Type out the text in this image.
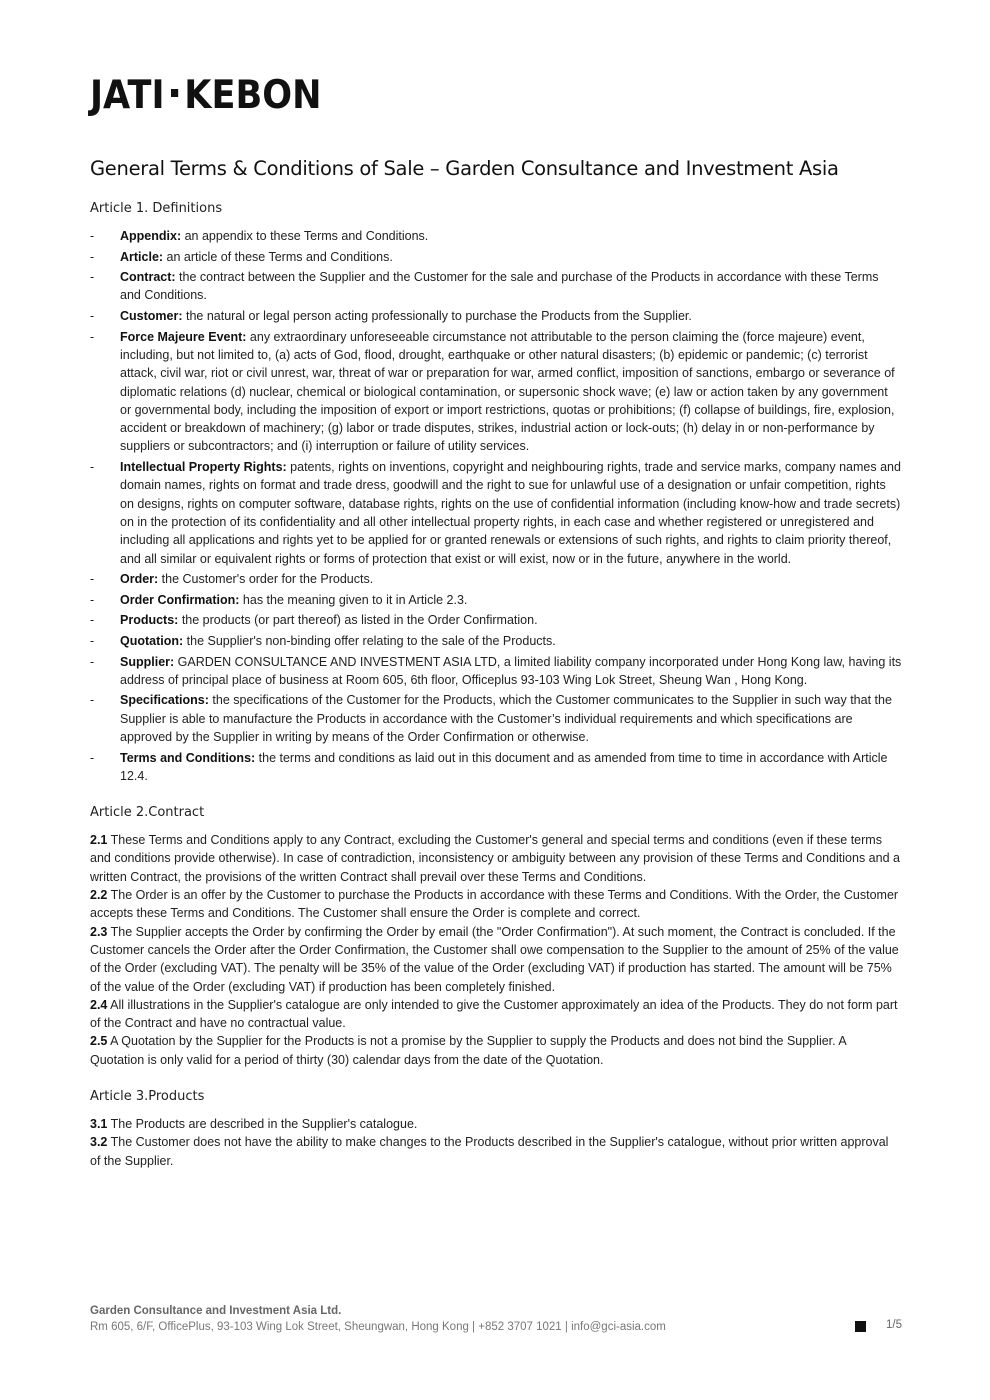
JATI KEBON
General Terms & Conditions of Sale – Garden Consultance and Investment Asia
Article 1. Definitions
- Appendix: an appendix to these Terms and Conditions.
- Article: an article of these Terms and Conditions.
- Contract: the contract between the Supplier and the Customer for the sale and purchase of the Products in accordance with these Terms and Conditions.
- Customer: the natural or legal person acting professionally to purchase the Products from the Supplier.
- Force Majeure Event: any extraordinary unforeseeable circumstance not attributable to the person claiming the (force majeure) event, including, but not limited to, (a) acts of God, flood, drought, earthquake or other natural disasters; (b) epidemic or pandemic; (c) terrorist attack, civil war, riot or civil unrest, war, threat of war or preparation for war, armed conflict, imposition of sanctions, embargo or severance of diplomatic relations (d) nuclear, chemical or biological contamination, or supersonic shock wave; (e) law or action taken by any government or governmental body, including the imposition of export or import restrictions, quotas or prohibitions; (f) collapse of buildings, fire, explosion, accident or breakdown of machinery; (g) labor or trade disputes, strikes, industrial action or lock-outs; (h) delay in or non-performance by suppliers or subcontractors; and (i) interruption or failure of utility services.
- Intellectual Property Rights: patents, rights on inventions, copyright and neighbouring rights, trade and service marks, company names and domain names, rights on format and trade dress, goodwill and the right to sue for unlawful use of a designation or unfair competition, rights on designs, rights on computer software, database rights, rights on the use of confidential information (including know-how and trade secrets) on in the protection of its confidentiality and all other intellectual property rights, in each case and whether registered or unregistered and including all applications and rights yet to be applied for or granted renewals or extensions of such rights, and rights to claim priority thereof, and all similar or equivalent rights or forms of protection that exist or will exist, now or in the future, anywhere in the world.
- Order: the Customer's order for the Products.
- Order Confirmation: has the meaning given to it in Article 2.3.
- Products: the products (or part thereof) as listed in the Order Confirmation.
- Quotation: the Supplier's non-binding offer relating to the sale of the Products.
- Supplier: GARDEN CONSULTANCE AND INVESTMENT ASIA LTD, a limited liability company incorporated under Hong Kong law, having its address of principal place of business at Room 605, 6th floor, Officeplus 93-103 Wing Lok Street, Sheung Wan , Hong Kong.
- Specifications: the specifications of the Customer for the Products, which the Customer communicates to the Supplier in such way that the Supplier is able to manufacture the Products in accordance with the Customer’s individual requirements and which specifications are approved by the Supplier in writing by means of the Order Confirmation or otherwise.
- Terms and Conditions: the terms and conditions as laid out in this document and as amended from time to time in accordance with Article 12.4.
Article 2.Contract

2.1 These Terms and Conditions apply to any Contract, excluding the Customer's general and special terms and conditions (even if these terms and conditions provide otherwise). In case of contradiction, inconsistency or ambiguity between any provision of these Terms and Conditions and a written Contract, the provisions of the written Contract shall prevail over these Terms and Conditions.

2.2 The Order is an offer by the Customer to purchase the Products in accordance with these Terms and Conditions. With the Order, the Customer accepts these Terms and Conditions. The Customer shall ensure the Order is complete and correct.

2.3 The Supplier accepts the Order by confirming the Order by email (the "Order Confirmation"). At such moment, the Contract is concluded. If the Customer cancels the Order after the Order Confirmation, the Customer shall owe compensation to the Supplier to the amount of 25% of the value of the Order (excluding VAT). The penalty will be 35% of the value of the Order (excluding VAT) if production has started. The amount will be 75% of the value of the Order (excluding VAT) if production has been completely finished.

2.4 All illustrations in the Supplier's catalogue are only intended to give the Customer approximately an idea of the Products. They do not form part of the Contract and have no contractual value.

2.5 A Quotation by the Supplier for the Products is not a promise by the Supplier to supply the Products and does not bind the Supplier. A Quotation is only valid for a period of thirty (30) calendar days from the date of the Quotation.

Article 3.Products

3.1 The Products are described in the Supplier's catalogue.

3.2 The Customer does not have the ability to make changes to the Products described in the Supplier's catalogue, without prior written approval of the Supplier.

Garden Consultance and Investment Asia Ltd.
Rm 605, 6/F, OfficePlus, 93-103 Wing Lok Street, Sheungwan, Hong Kong | +852 3707 1021 | info@gci-asia.com	1/5
